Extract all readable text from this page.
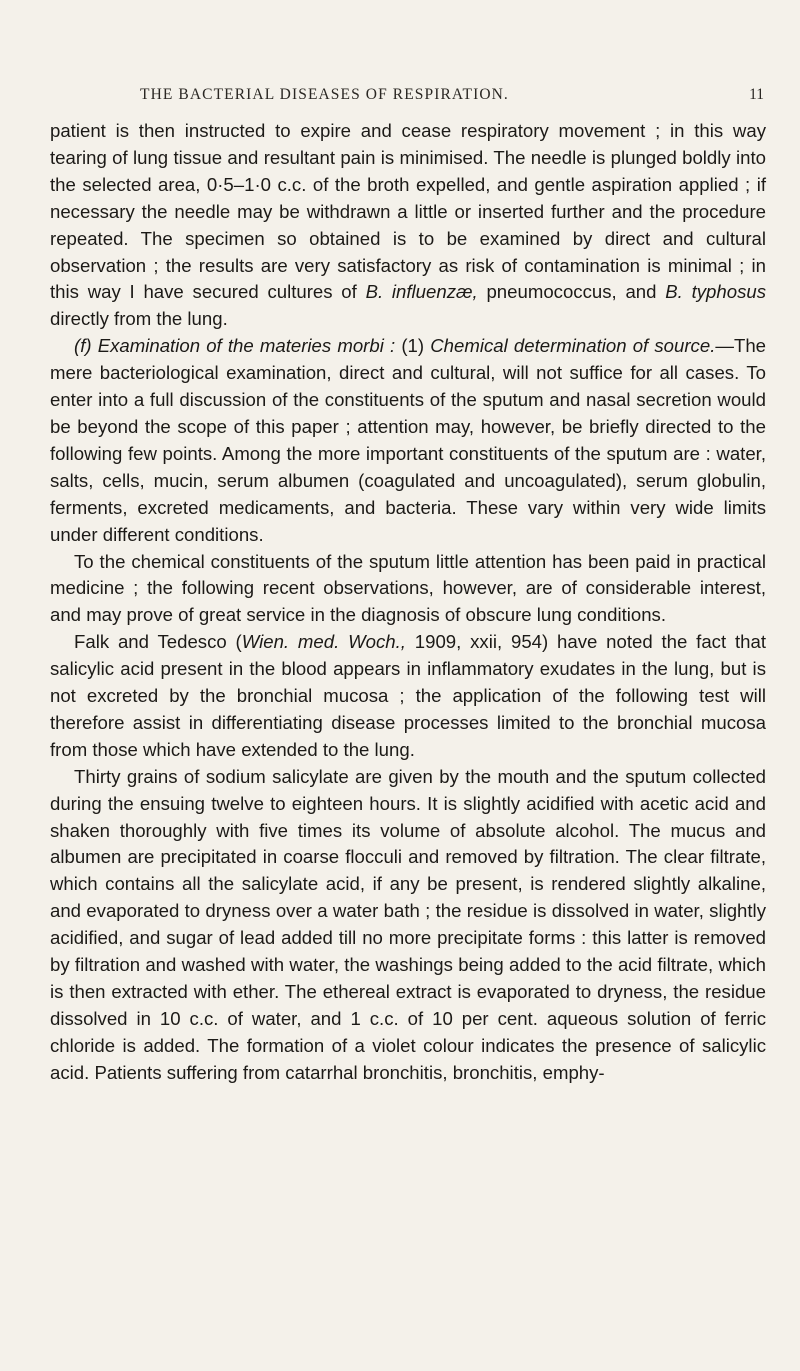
THE BACTERIAL DISEASES OF RESPIRATION.	11

patient is then instructed to expire and cease respiratory movement ; in this way tearing of lung tissue and resultant pain is minimised. The needle is plunged boldly into the selected area, 0·5–1·0 c.c. of the broth expelled, and gentle aspiration applied ; if necessary the needle may be withdrawn a little or inserted further and the procedure repeated. The specimen so obtained is to be examined by direct and cultural observation ; the results are very satisfactory as risk of contamination is minimal ; in this way I have secured cultures of B. influenzæ, pneumococcus, and B. typhosus directly from the lung.

(f) Examination of the materies morbi : (1) Chemical determination of source.—The mere bacteriological examination, direct and cultural, will not suffice for all cases. To enter into a full discussion of the constituents of the sputum and nasal secretion would be beyond the scope of this paper ; attention may, however, be briefly directed to the following few points. Among the more important constituents of the sputum are : water, salts, cells, mucin, serum albumen (coagulated and uncoagulated), serum globulin, ferments, excreted medicaments, and bacteria. These vary within very wide limits under different conditions.

To the chemical constituents of the sputum little attention has been paid in practical medicine ; the following recent observations, however, are of considerable interest, and may prove of great service in the diagnosis of obscure lung conditions.

Falk and Tedesco (Wien. med. Woch., 1909, xxii, 954) have noted the fact that salicylic acid present in the blood appears in inflammatory exudates in the lung, but is not excreted by the bronchial mucosa ; the application of the following test will therefore assist in differentiating disease processes limited to the bronchial mucosa from those which have extended to the lung.

Thirty grains of sodium salicylate are given by the mouth and the sputum collected during the ensuing twelve to eighteen hours. It is slightly acidified with acetic acid and shaken thoroughly with five times its volume of absolute alcohol. The mucus and albumen are precipitated in coarse flocculi and removed by filtration. The clear filtrate, which contains all the salicylate acid, if any be present, is rendered slightly alkaline, and evaporated to dryness over a water bath ; the residue is dissolved in water, slightly acidified, and sugar of lead added till no more precipitate forms : this latter is removed by filtration and washed with water, the washings being added to the acid filtrate, which is then extracted with ether. The ethereal extract is evaporated to dryness, the residue dissolved in 10 c.c. of water, and 1 c.c. of 10 per cent. aqueous solution of ferric chloride is added. The formation of a violet colour indicates the presence of salicylic acid. Patients suffering from catarrhal bronchitis, bronchitis, emphy-
